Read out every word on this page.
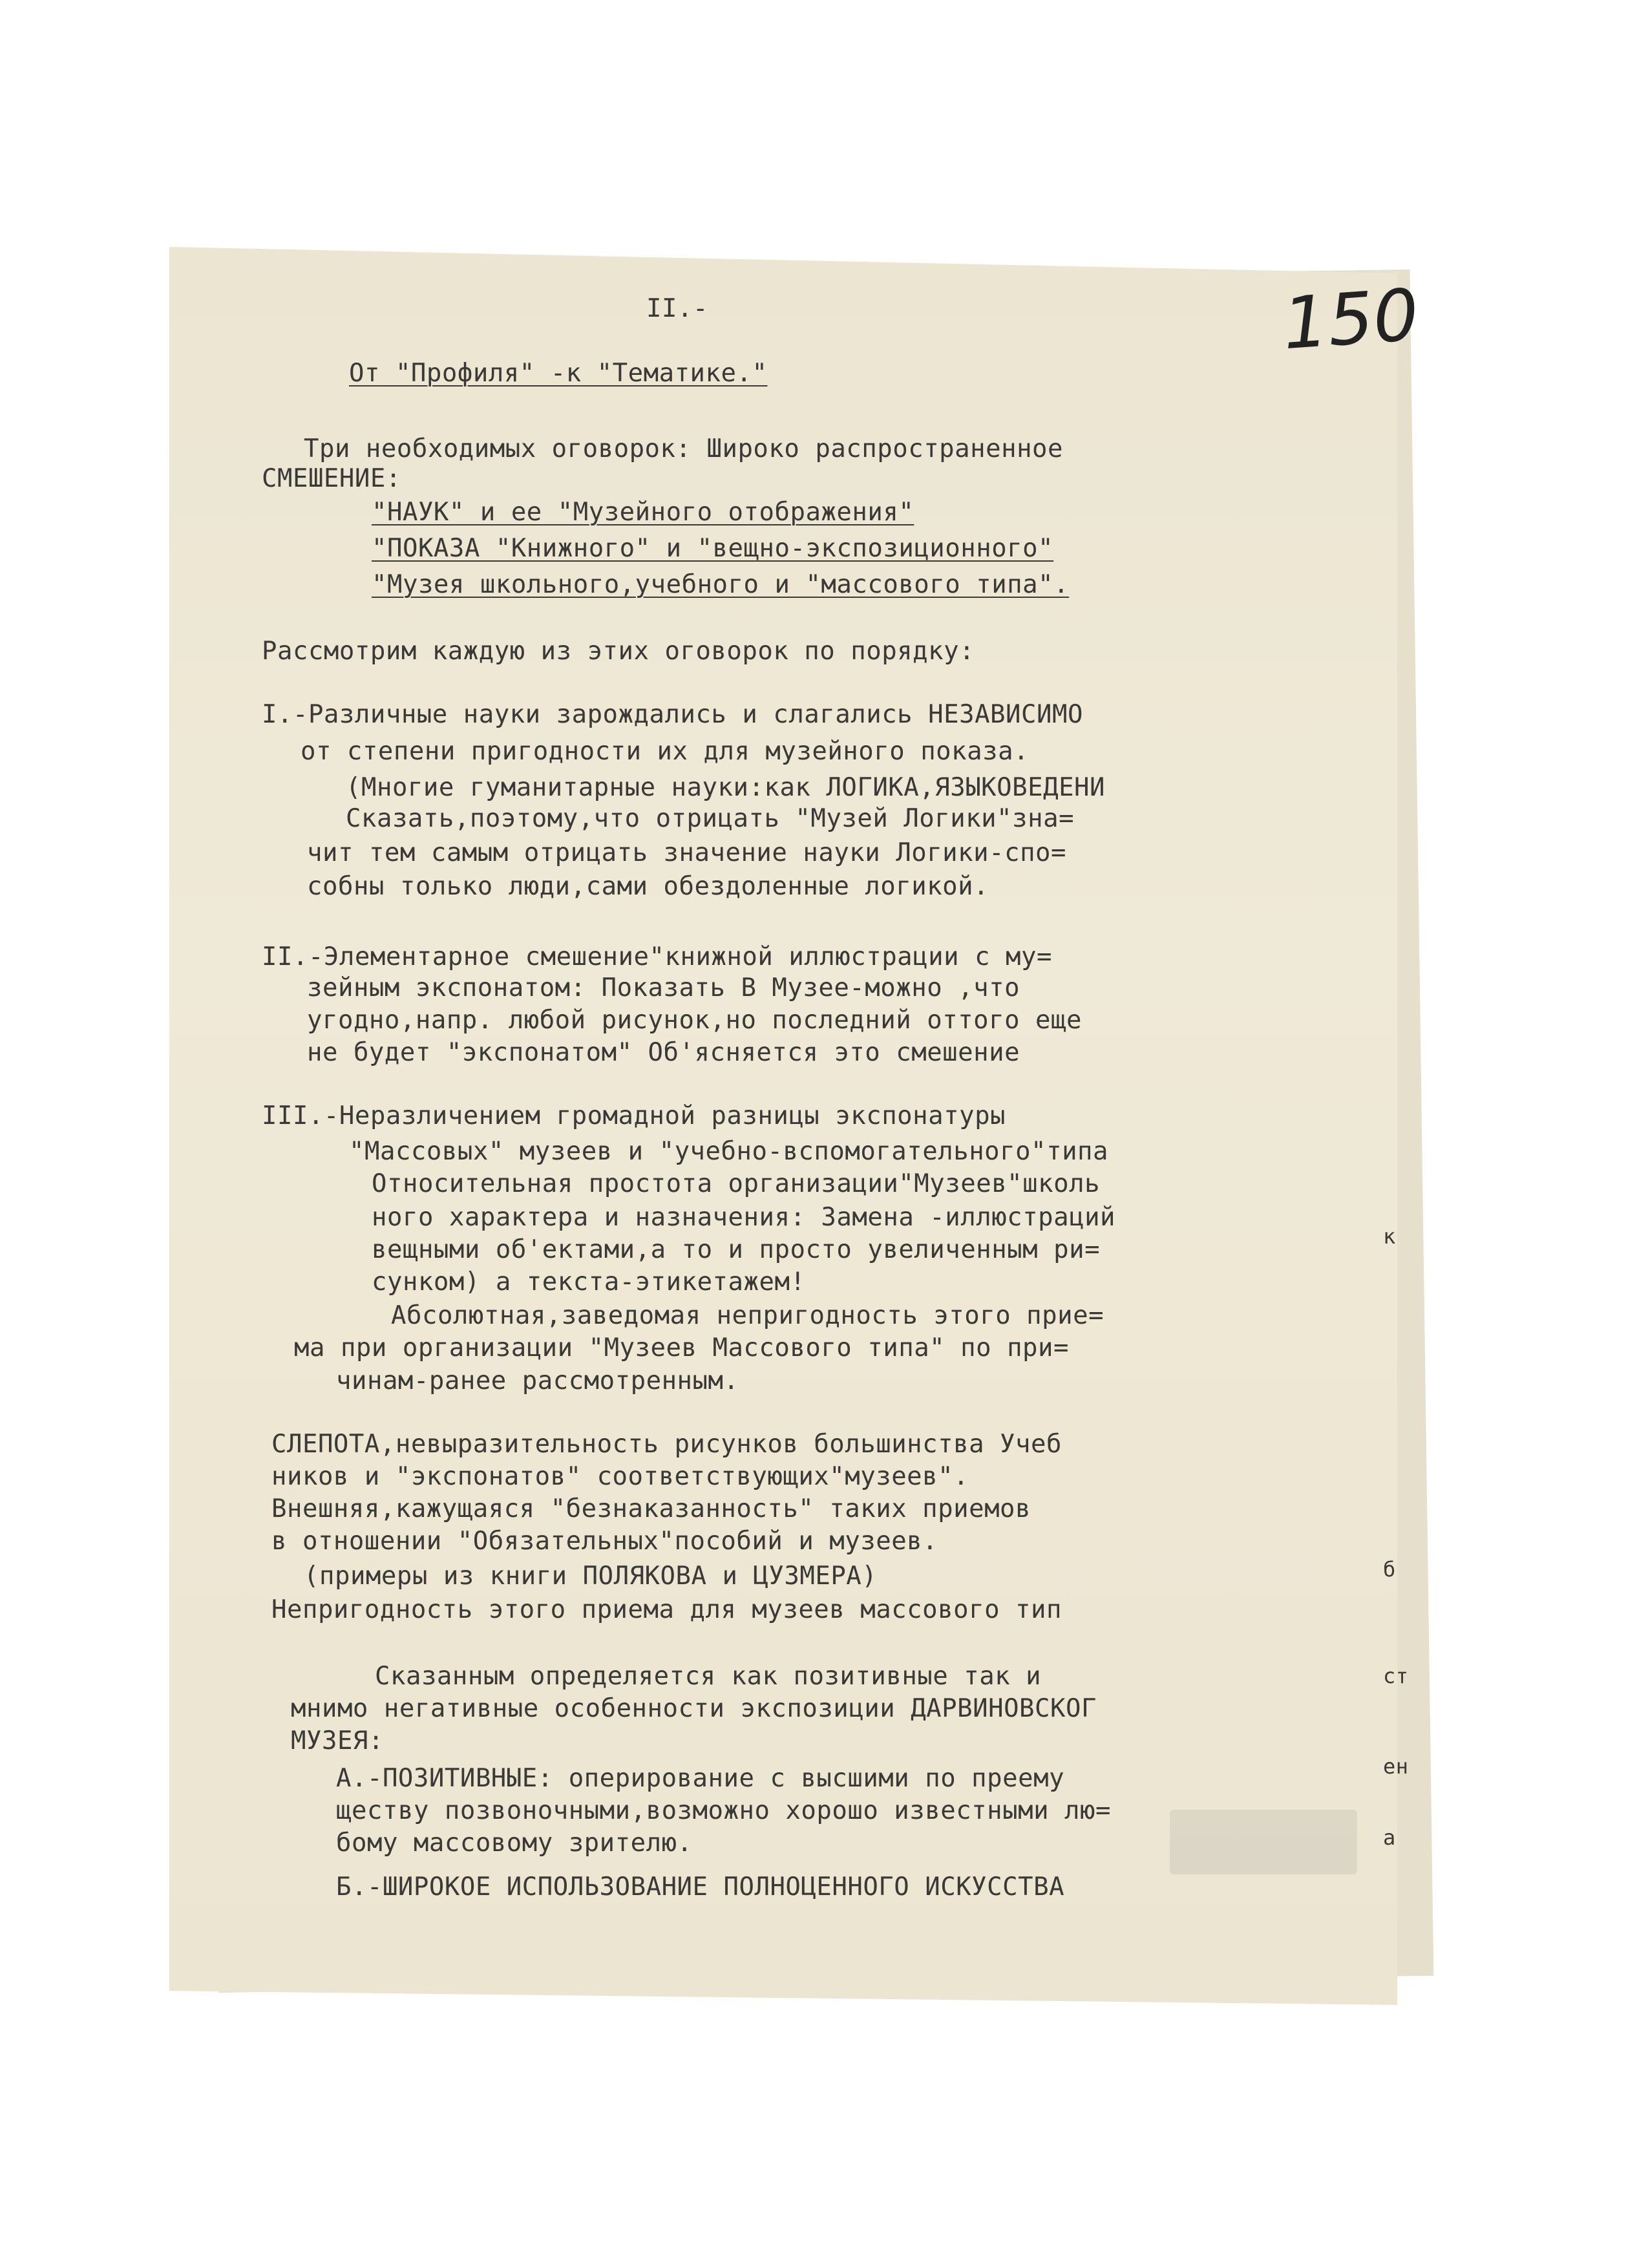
150
II.-
От "Профиля" -к "Тематике."
Три необходимых оговорок: Широко распространенное
СМЕШЕНИЕ:
"НАУК" и ее "Музейного отображения"
"ПОКАЗА "Книжного" и "вещно-экспозиционного"
"Музея школьного,учебного и "массового типа".
Рассмотрим каждую из этих оговорок по порядку:
I.-Различные науки зарождались и слагались НЕЗАВИСИМО
от степени пригодности их для музейного показа.
(Многие гуманитарные науки:как ЛОГИКА,ЯЗЫКОВЕДЕНИ
Сказать,поэтому,что отрицать "Музей Логики"зна=
чит тем самым отрицать значение науки Логики-спо=
собны только люди,сами обездоленные логикой.
II.-Элементарное смешение"книжной иллюстрации с му=
зейным экспонатом: Показать В Музее-можно ,что
угодно,напр. любой рисунок,но последний оттого еще
не будет "экспонатом" Об'ясняется это смешение
III.-Неразличением громадной разницы экспонатуры
"Массовых" музеев и "учебно-вспомогательного"типа
Относительная простота организации"Музеев"школь
ного характера и назначения: Замена -иллюстраций
вещными об'ектами,а то и просто увеличенным ри=
сунком) а текста-этикетажем!
Абсолютная,заведомая непригодность этого прие=
ма при организации "Музеев Массового типа" по при=
чинам-ранее рассмотренным.
СЛЕПОТА,невыразительность рисунков большинства Учеб
ников и "экспонатов" соответствующих"музеев".
Внешняя,кажущаяся "безнаказанность" таких приемов
в отношении "Обязательных"пособий и музеев.
(примеры из книги ПОЛЯКОВА и ЦУЗМЕРА)
Непригодность этого приема для музеев массового тип
Сказанным определяется как позитивные так и
мнимо негативные особенности экспозиции ДАРВИНОВСКОГ
МУЗЕЯ:
А.-ПОЗИТИВНЫЕ: оперирование с высшими по преему
ществу позвоночными,возможно хорошо известными лю=
бому массовому зрителю.
Б.-ШИРОКОЕ ИСПОЛЬЗОВАНИЕ ПОЛНОЦЕННОГО ИСКУССТВА
к
б
ст
ен
а
